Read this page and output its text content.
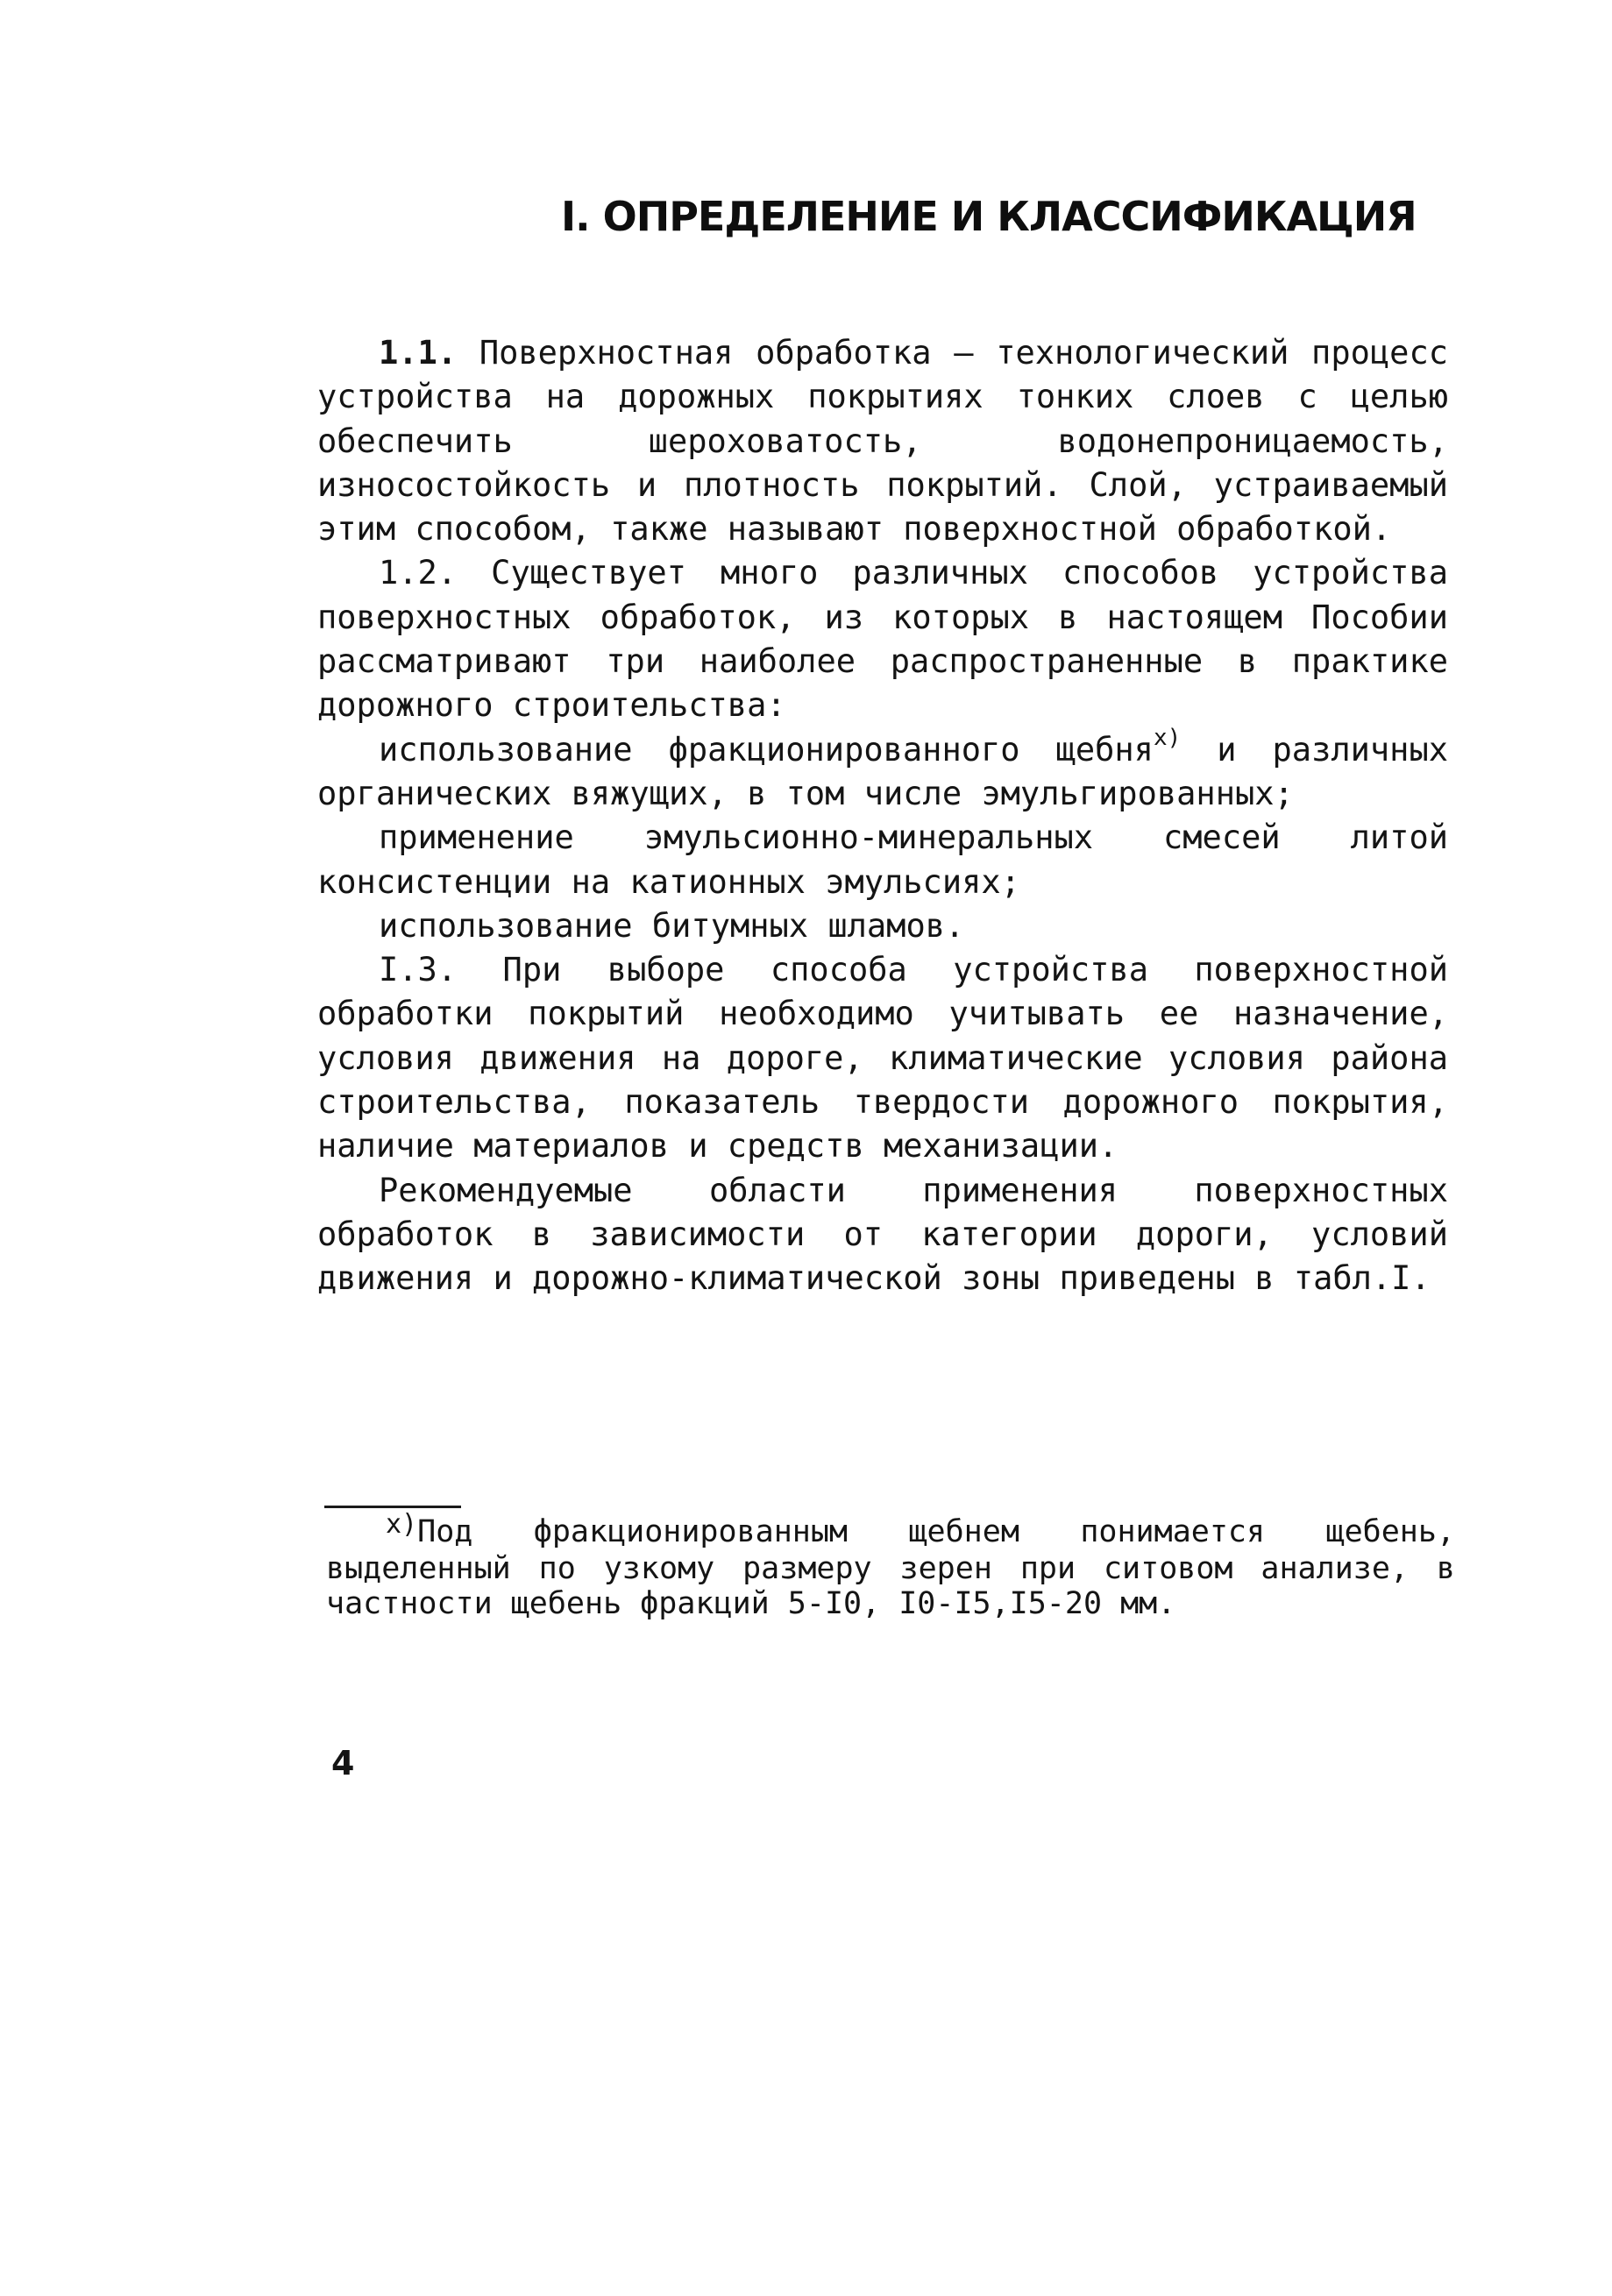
I. ОПРЕДЕЛЕНИЕ И КЛАССИФИКАЦИЯ

1.1. Поверхностная обработка – технологический процесс устройства на дорожных покрытиях тонких слоев с целью обеспечить шероховатость, водонепроницаемость, износостойкость и плотность покрытий. Слой, устраиваемый этим способом, также называют поверхностной обработкой.

1.2. Существует много различных способов устройства поверхностных обработок, из которых в настоящем Пособии рассматривают три наиболее распространенные в практике дорожного строительства:

использование фракционированного щебня$^{x)}$ и различных органических вяжущих, в том числе эмульгированных;

применение эмульсионно-минеральных смесей литой консистенции на катионных эмульсиях;

использование битумных шламов.

I.3. При выборе способа устройства поверхностной обработки покрытий необходимо учитывать ее назначение, условия движения на дороге, климатические условия района строительства, показатель твердости дорожного покрытия, наличие материалов и средств механизации.

Рекомендуемые области применения поверхностных обработок в зависимости от категории дороги, условий движения и дорожно-климатической зоны приведены в табл.I.

x)Под фракционированным щебнем понимается щебень, выделенный по узкому размеру зерен при ситовом анализе, в частности щебень фракций 5-I0, I0-I5,I5-20 мм.
4
